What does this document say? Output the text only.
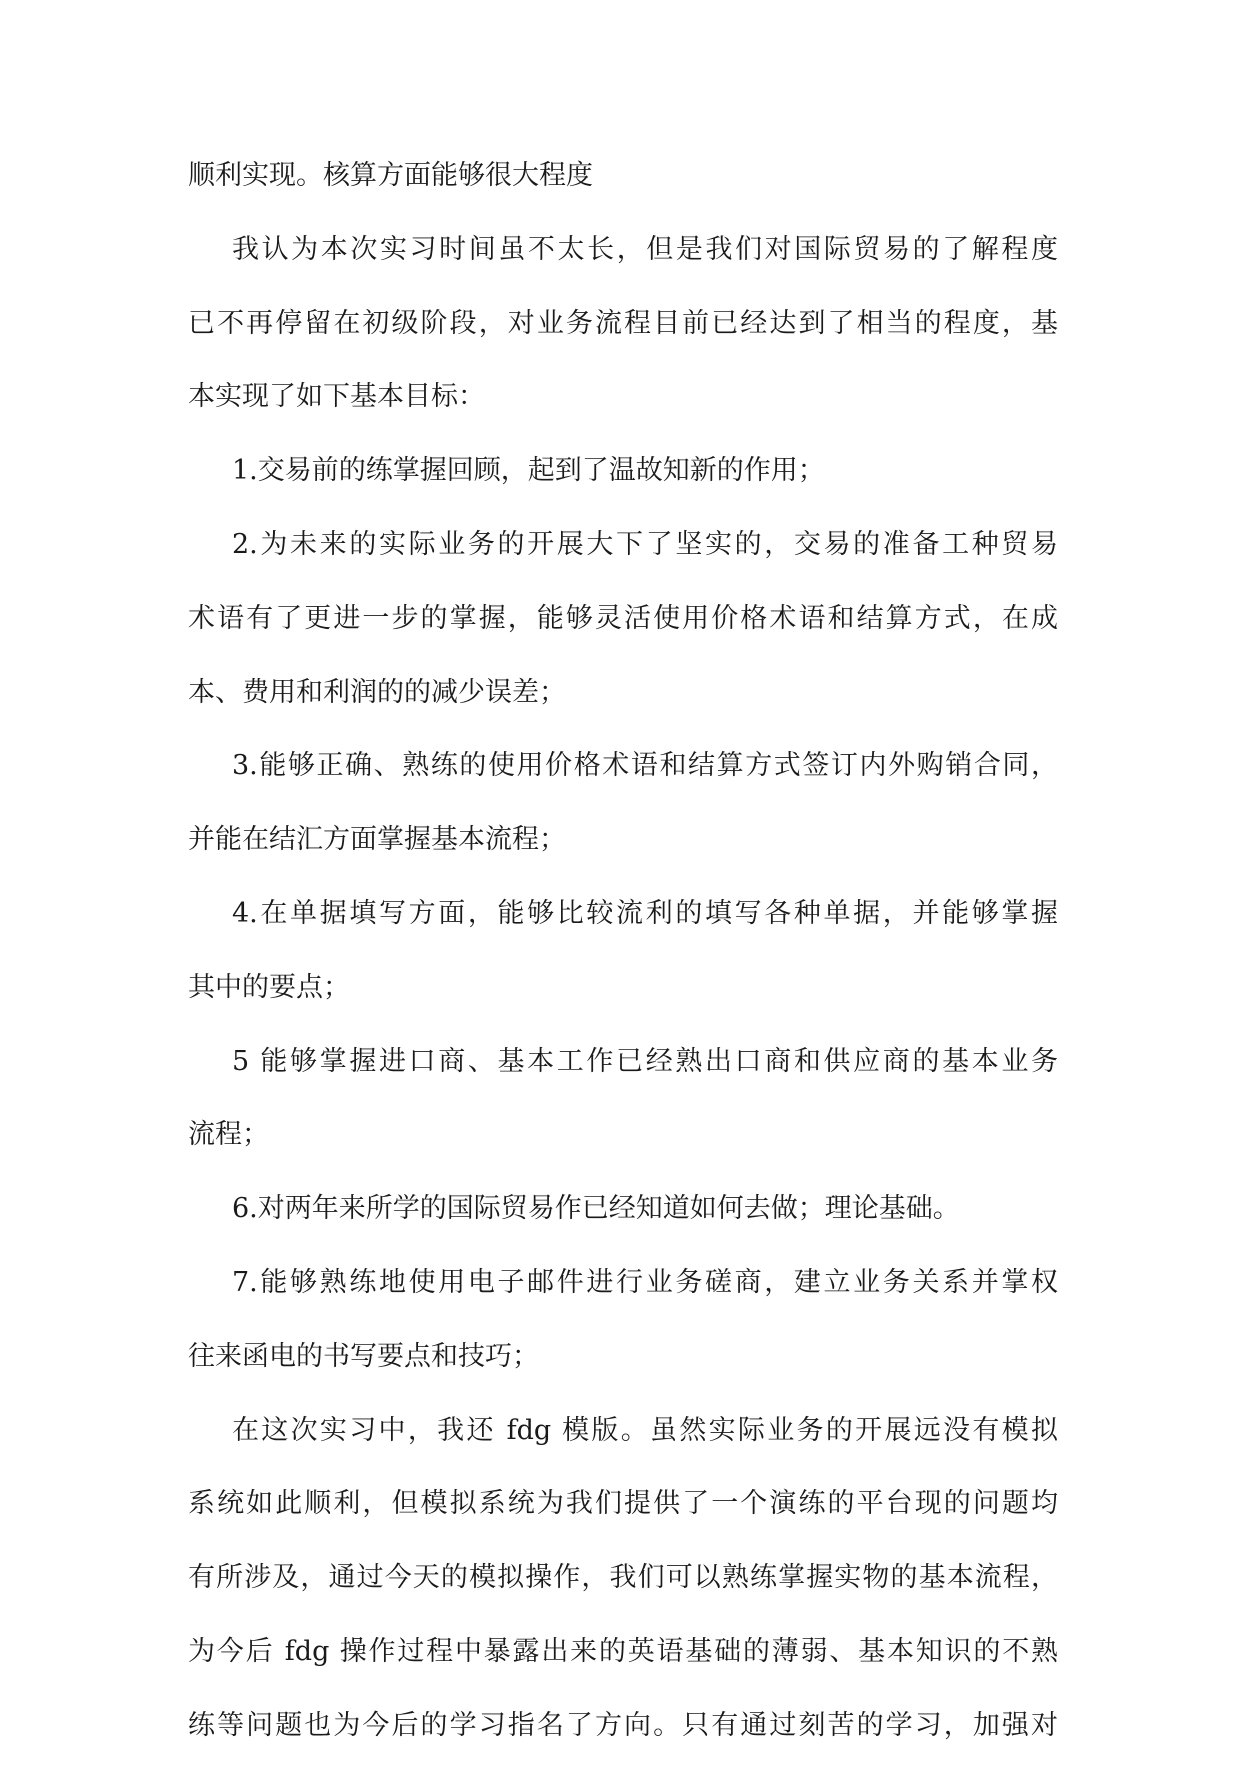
顺利实现。核算方面能够很大程度
我认为本次实习时间虽不太长，但是我们对国际贸易的了解程度
已不再停留在初级阶段，对业务流程目前已经达到了相当的程度，基
本实现了如下基本目标：
1.交易前的练掌握回顾，起到了温故知新的作用；
2.为未来的实际业务的开展大下了坚实的，交易的准备工种贸易
术语有了更进一步的掌握，能够灵活使用价格术语和结算方式，在成
本、费用和利润的的减少误差；
3.能够正确、熟练的使用价格术语和结算方式签订内外购销合同，
并能在结汇方面掌握基本流程；
4.在单据填写方面，能够比较流利的填写各种单据，并能够掌握
其中的要点；
5 能够掌握进口商、基本工作已经熟出口商和供应商的基本业务
流程；
6.对两年来所学的国际贸易作已经知道如何去做；理论基础。
7.能够熟练地使用电子邮件进行业务磋商，建立业务关系并掌权
往来函电的书写要点和技巧；
在这次实习中，我还 fdg 模版。虽然实际业务的开展远没有模拟
系统如此顺利，但模拟系统为我们提供了一个演练的平台现的问题均
有所涉及，通过今天的模拟操作，我们可以熟练掌握实物的基本流程，
为今后 fdg 操作过程中暴露出来的英语基础的薄弱、基本知识的不熟
练等问题也为今后的学习指名了方向。只有通过刻苦的学习，加强对
